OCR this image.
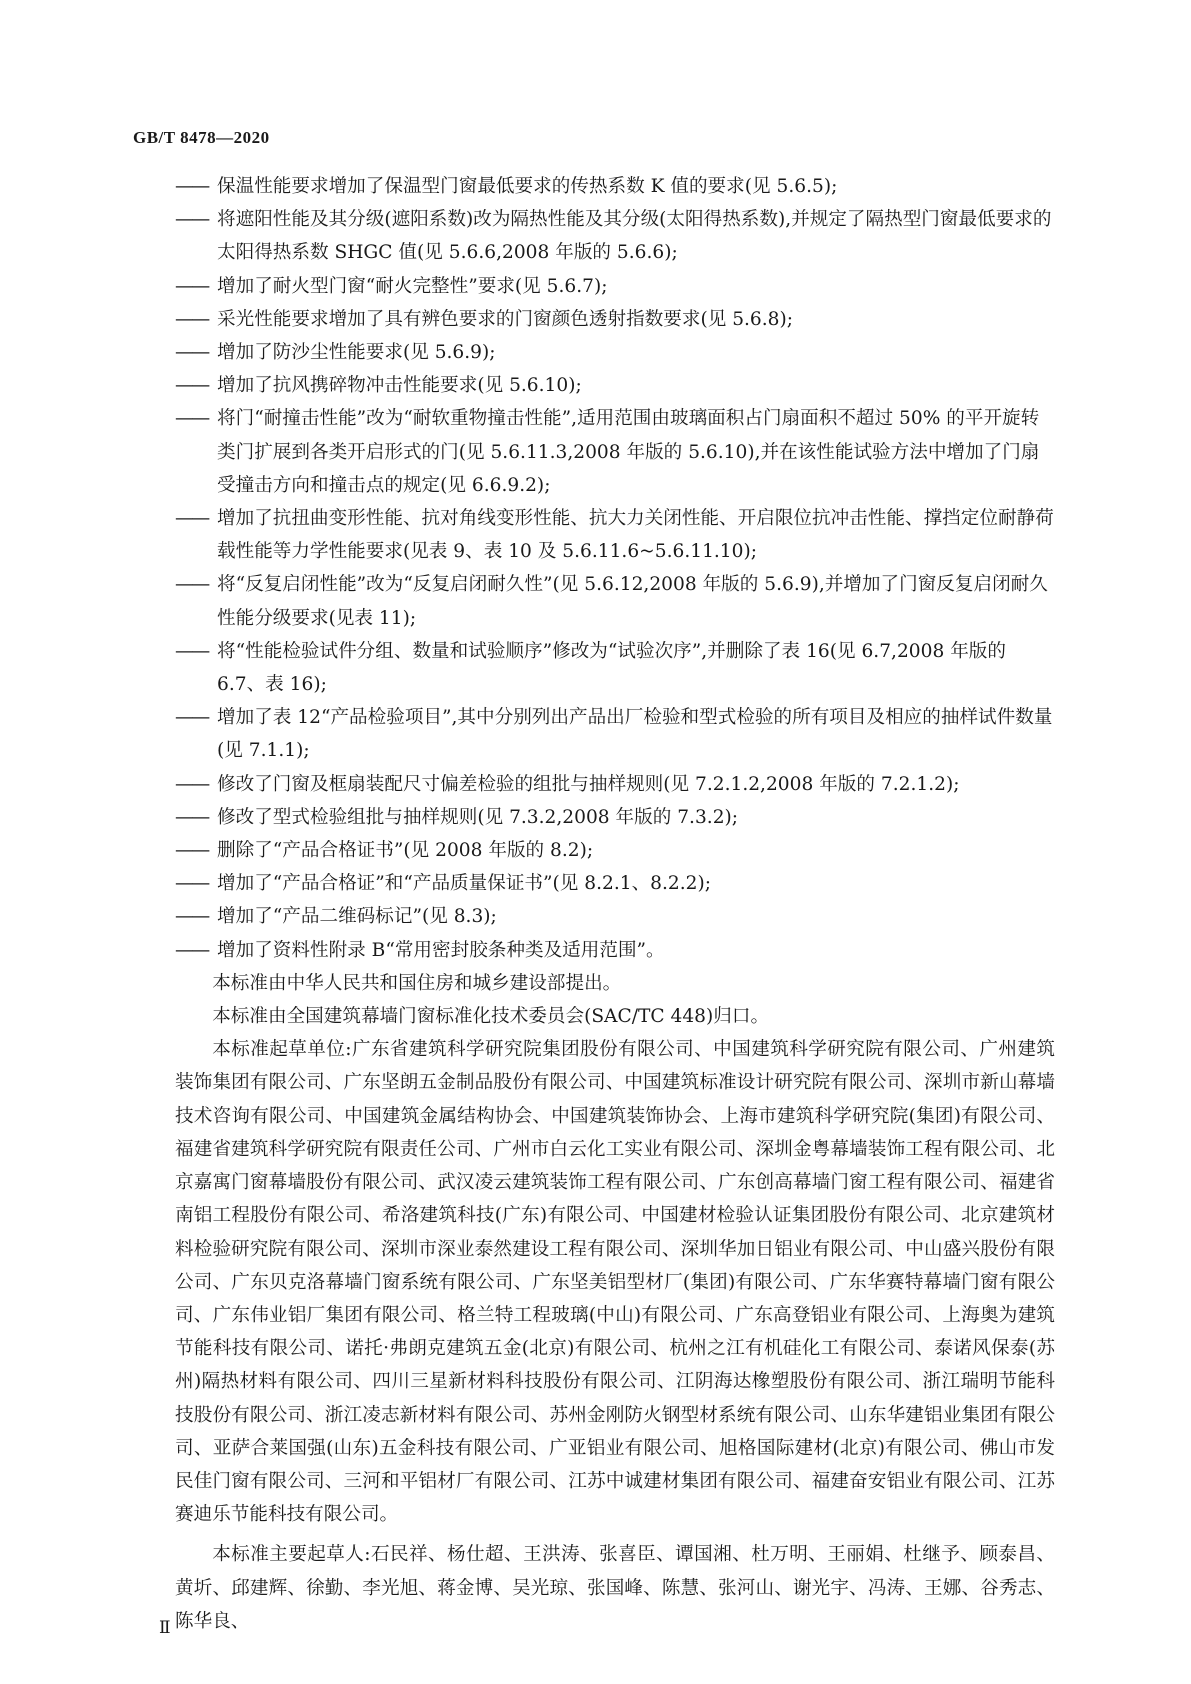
GB/T 8478—2020

—— 保温性能要求增加了保温型门窗最低要求的传热系数 K 值的要求(见 5.6.5);

—— 将遮阳性能及其分级(遮阳系数)改为隔热性能及其分级(太阳得热系数),并规定了隔热型门窗最低要求的太阳得热系数 SHGC 值(见 5.6.6,2008 年版的 5.6.6);

—— 增加了耐火型门窗“耐火完整性”要求(见 5.6.7);

—— 采光性能要求增加了具有辨色要求的门窗颜色透射指数要求(见 5.6.8);

—— 增加了防沙尘性能要求(见 5.6.9);

—— 增加了抗风携碎物冲击性能要求(见 5.6.10);

—— 将门“耐撞击性能”改为“耐软重物撞击性能”,适用范围由玻璃面积占门扇面积不超过 50% 的平开旋转类门扩展到各类开启形式的门(见 5.6.11.3,2008 年版的 5.6.10),并在该性能试验方法中增加了门扇受撞击方向和撞击点的规定(见 6.6.9.2);

—— 增加了抗扭曲变形性能、抗对角线变形性能、抗大力关闭性能、开启限位抗冲击性能、撑挡定位耐静荷载性能等力学性能要求(见表 9、表 10 及 5.6.11.6~5.6.11.10);

—— 将“反复启闭性能”改为“反复启闭耐久性”(见 5.6.12,2008 年版的 5.6.9),并增加了门窗反复启闭耐久性能分级要求(见表 11);

—— 将“性能检验试件分组、数量和试验顺序”修改为“试验次序”,并删除了表 16(见 6.7,2008 年版的 6.7、表 16);

—— 增加了表 12“产品检验项目”,其中分别列出产品出厂检验和型式检验的所有项目及相应的抽样试件数量(见 7.1.1);

—— 修改了门窗及框扇装配尺寸偏差检验的组批与抽样规则(见 7.2.1.2,2008 年版的 7.2.1.2);

—— 修改了型式检验组批与抽样规则(见 7.3.2,2008 年版的 7.3.2);

—— 删除了“产品合格证书”(见 2008 年版的 8.2);

—— 增加了“产品合格证”和“产品质量保证书”(见 8.2.1、8.2.2);

—— 增加了“产品二维码标记”(见 8.3);

—— 增加了资料性附录 B“常用密封胶条种类及适用范围”。

本标准由中华人民共和国住房和城乡建设部提出。

本标准由全国建筑幕墙门窗标准化技术委员会(SAC/TC 448)归口。

本标准起草单位:广东省建筑科学研究院集团股份有限公司、中国建筑科学研究院有限公司、广州建筑装饰集团有限公司、广东坚朗五金制品股份有限公司、中国建筑标准设计研究院有限公司、深圳市新山幕墙技术咨询有限公司、中国建筑金属结构协会、中国建筑装饰协会、上海市建筑科学研究院(集团)有限公司、福建省建筑科学研究院有限责任公司、广州市白云化工实业有限公司、深圳金粤幕墙装饰工程有限公司、北京嘉寓门窗幕墙股份有限公司、武汉凌云建筑装饰工程有限公司、广东创高幕墙门窗工程有限公司、福建省南铝工程股份有限公司、希洛建筑科技(广东)有限公司、中国建材检验认证集团股份有限公司、北京建筑材料检验研究院有限公司、深圳市深业泰然建设工程有限公司、深圳华加日铝业有限公司、中山盛兴股份有限公司、广东贝克洛幕墙门窗系统有限公司、广东坚美铝型材厂(集团)有限公司、广东华赛特幕墙门窗有限公司、广东伟业铝厂集团有限公司、格兰特工程玻璃(中山)有限公司、广东高登铝业有限公司、上海奥为建筑节能科技有限公司、诺托·弗朗克建筑五金(北京)有限公司、杭州之江有机硅化工有限公司、泰诺风保泰(苏州)隔热材料有限公司、四川三星新材料科技股份有限公司、江阴海达橡塑股份有限公司、浙江瑞明节能科技股份有限公司、浙江凌志新材料有限公司、苏州金刚防火钢型材系统有限公司、山东华建铝业集团有限公司、亚萨合莱国强(山东)五金科技有限公司、广亚铝业有限公司、旭格国际建材(北京)有限公司、佛山市发民佳门窗有限公司、三河和平铝材厂有限公司、江苏中诚建材集团有限公司、福建奋安铝业有限公司、江苏赛迪乐节能科技有限公司。

本标准主要起草人:石民祥、杨仕超、王洪涛、张喜臣、谭国湘、杜万明、王丽娟、杜继予、顾泰昌、黄圻、邱建辉、徐勤、李光旭、蒋金博、吴光琼、张国峰、陈慧、张河山、谢光宇、冯涛、王娜、谷秀志、陈华良、

Ⅱ
